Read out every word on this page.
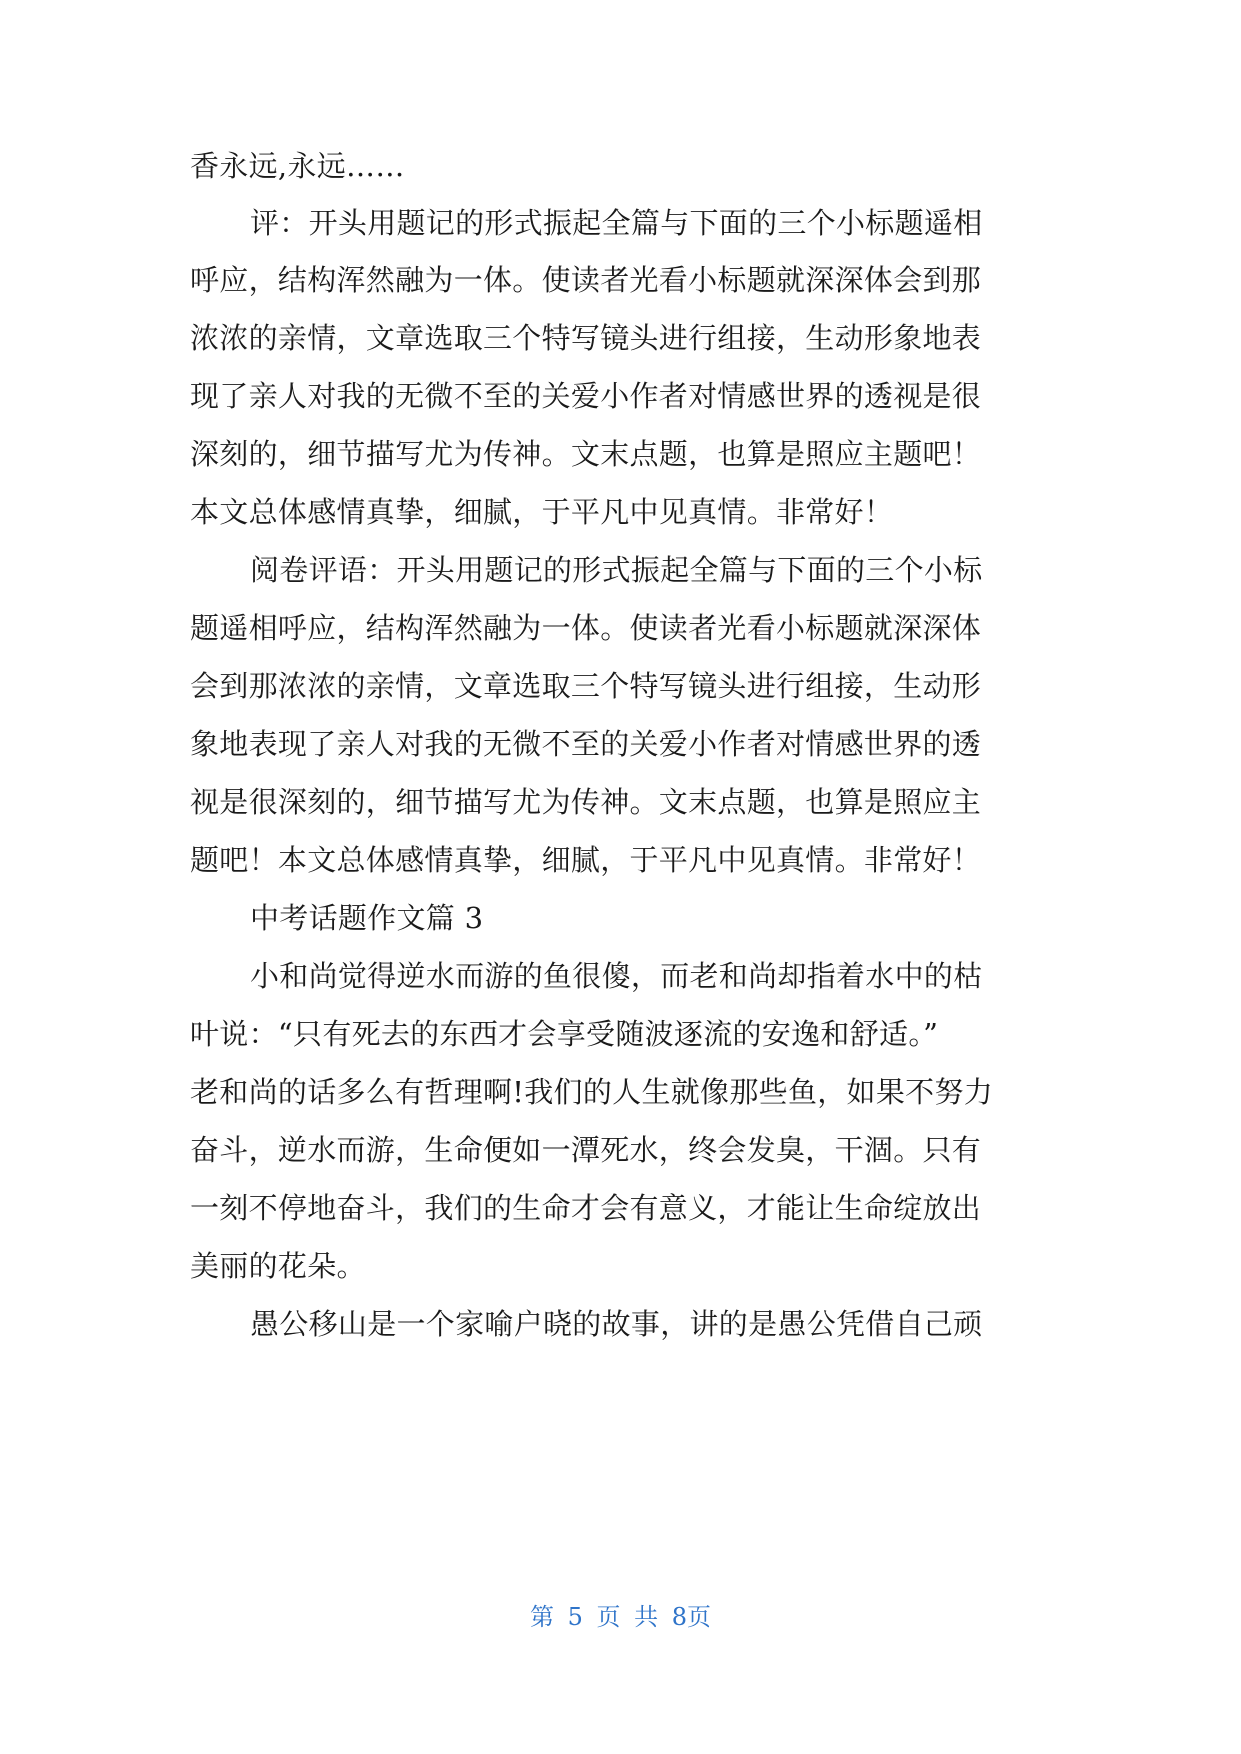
香永远,永远……
评：开头用题记的形式振起全篇与下面的三个小标题遥相
呼应，结构浑然融为一体。使读者光看小标题就深深体会到那
浓浓的亲情，文章选取三个特写镜头进行组接，生动形象地表
现了亲人对我的无微不至的关爱小作者对情感世界的透视是很
深刻的，细节描写尤为传神。文末点题，也算是照应主题吧！
本文总体感情真挚，细腻，于平凡中见真情。非常好！
阅卷评语：开头用题记的形式振起全篇与下面的三个小标
题遥相呼应，结构浑然融为一体。使读者光看小标题就深深体
会到那浓浓的亲情，文章选取三个特写镜头进行组接，生动形
象地表现了亲人对我的无微不至的关爱小作者对情感世界的透
视是很深刻的，细节描写尤为传神。文末点题，也算是照应主
题吧！本文总体感情真挚，细腻，于平凡中见真情。非常好！
中考话题作文篇 3
小和尚觉得逆水而游的鱼很傻，而老和尚却指着水中的枯
叶说：“只有死去的东西才会享受随波逐流的安逸和舒适。”
老和尚的话多么有哲理啊!我们的人生就像那些鱼，如果不努力
奋斗，逆水而游，生命便如一潭死水，终会发臭，干涸。只有
一刻不停地奋斗，我们的生命才会有意义，才能让生命绽放出
美丽的花朵。
愚公移山是一个家喻户晓的故事，讲的是愚公凭借自己顽
第 5 页 共 8页
